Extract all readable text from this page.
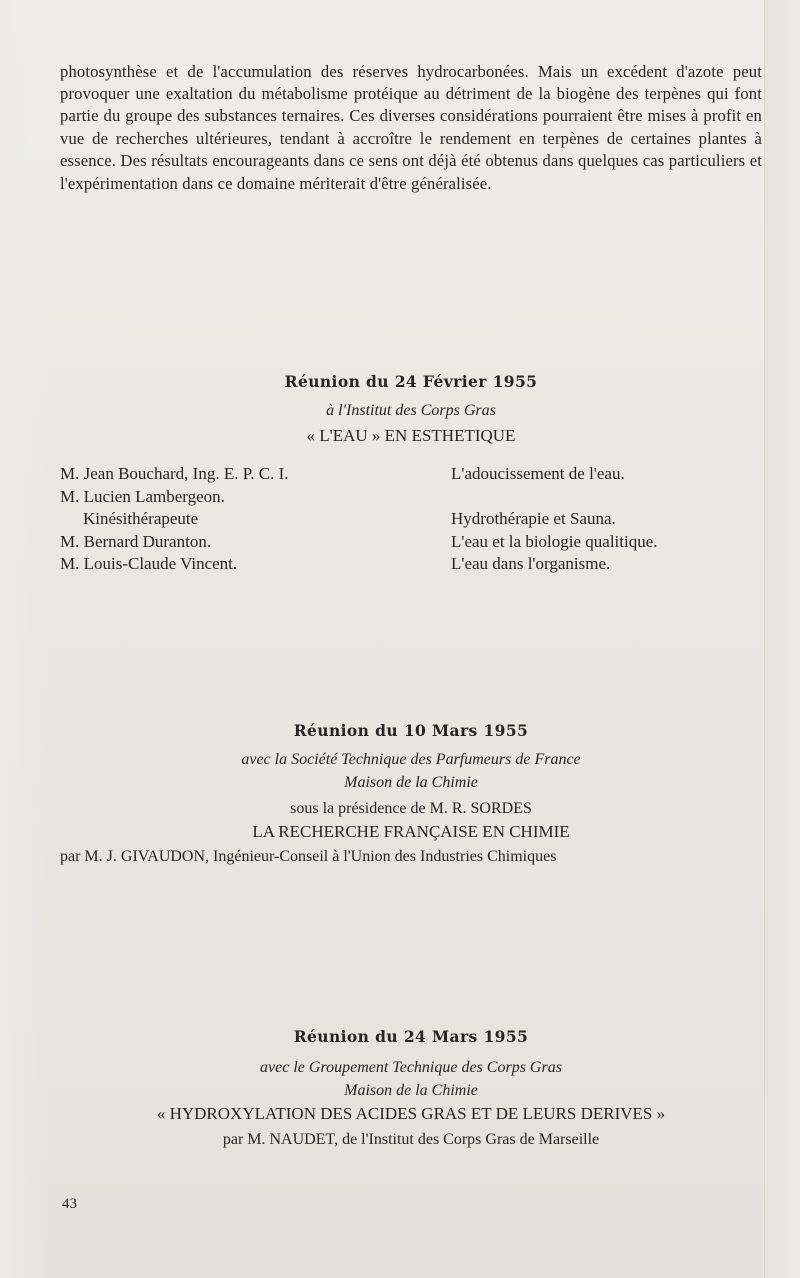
photosynthèse et de l'accumulation des réserves hydrocarbonées. Mais un excédent d'azote peut provoquer une exaltation du métabolisme protéique au détriment de la biogène des terpènes qui font partie du groupe des substances ternaires. Ces diverses considérations pourraient être mises à profit en vue de recherches ultérieures, tendant à accroître le rendement en terpènes de certaines plantes à essence. Des résultats encourageants dans ce sens ont déjà été obtenus dans quelques cas particuliers et l'expérimentation dans ce domaine mériterait d'être généralisée.

Réunion du 24 Février 1955

à l'Institut des Corps Gras
« L'EAU » EN ESTHETIQUE
M. Jean Bouchard, Ing. E. P. C. I.	L'adoucissement de l'eau.
M. Lucien Lambergeon.
Kinésithérapeute	Hydrothérapie et Sauna.
M. Bernard Duranton.	L'eau et la biologie qualitique.
M. Louis-Claude Vincent.	L'eau dans l'organisme.

Réunion du 10 Mars 1955

avec la Société Technique des Parfumeurs de France
Maison de la Chimie
sous la présidence de M. R. SORDES
LA RECHERCHE FRANÇAISE EN CHIMIE
par M. J. GIVAUDON, Ingénieur-Conseil à l'Union des Industries Chimiques

Réunion du 24 Mars 1955

avec le Groupement Technique des Corps Gras
Maison de la Chimie
« HYDROXYLATION DES ACIDES GRAS ET DE LEURS DERIVES »
par M. NAUDET, de l'Institut des Corps Gras de Marseille
43
